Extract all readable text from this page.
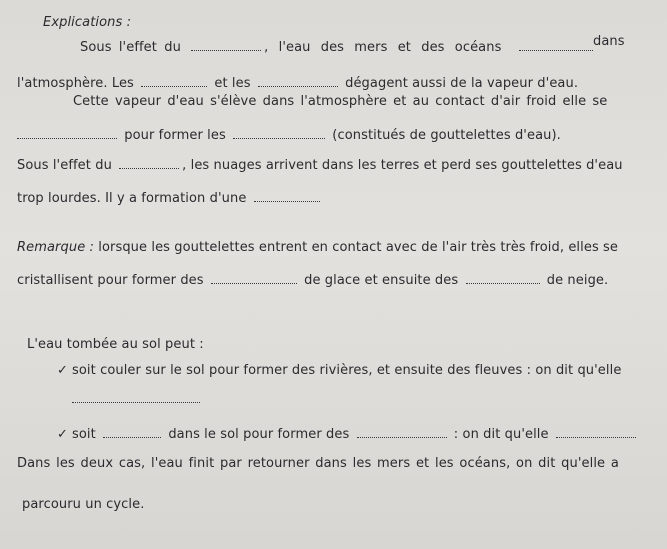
Explications :
Sous l'effet du	, l'eau des mers et des océans	dans
l'atmosphère. Les	et les	dégagent aussi de la vapeur d'eau.
Cette vapeur d'eau s'élève dans l'atmosphère et au contact d'air froid elle se
pour former les	(constitués de gouttelettes d'eau).
Sous l'effet du	, les nuages arrivent dans les terres et perd ses gouttelettes d'eau
trop lourdes. Il y a formation d'une
Remarque : lorsque les gouttelettes entrent en contact avec de l'air très très froid, elles se
cristallisent pour former des	de glace et ensuite des	de neige.
L'eau tombée au sol peut :
✓ soit couler sur le sol pour former des rivières, et ensuite des fleuves : on dit qu'elle
✓ soit	dans le sol pour former des	: on dit qu'elle
Dans les deux cas, l'eau finit par retourner dans les mers et les océans, on dit qu'elle a
parcouru un cycle.
